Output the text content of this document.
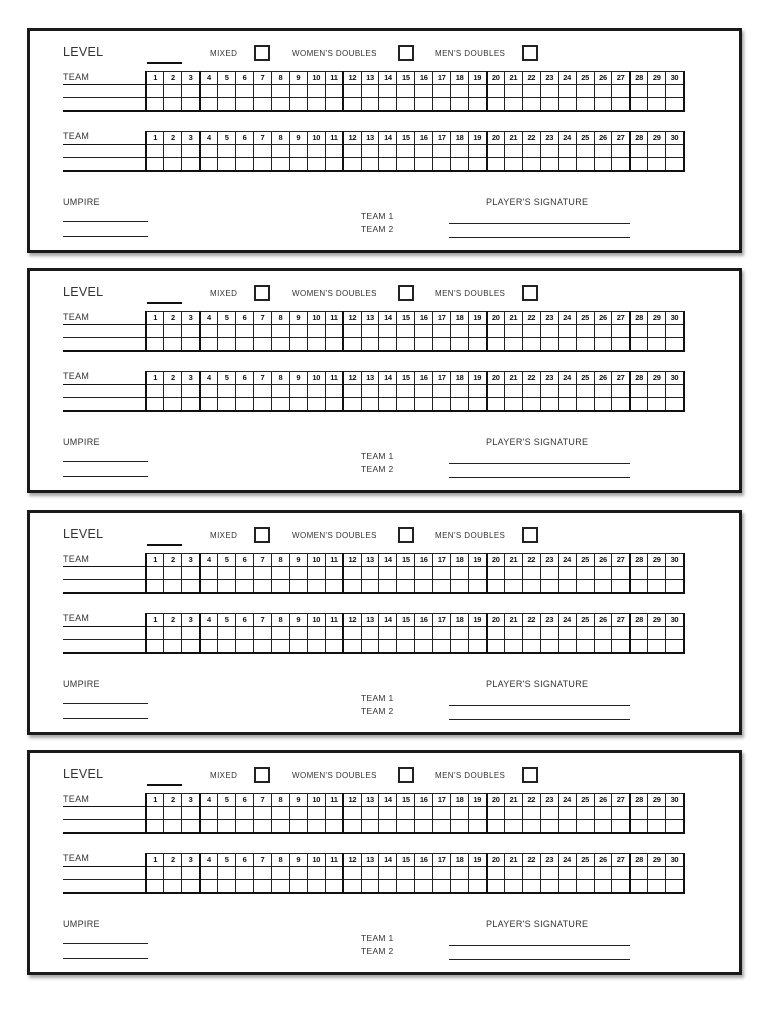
LEVEL	MIXED	WOMEN'S DOUBLES	MEN'S DOUBLES
TEAM
		1	2	3	4	5	6	7	8	9	10	11	12	13	14	15	16	17	18	19	20	21	22	23	24	25	26	27	28	29	30

TEAM
		1	2	3	4	5	6	7	8	9	10	11	12	13	14	15	16	17	18	19	20	21	22	23	24	25	26	27	28	29	30

UMPIRE	PLAYER'S SIGNATURE
TEAM 1
TEAM 2
LEVEL	MIXED	WOMEN'S DOUBLES	MEN'S DOUBLES
TEAM
		1	2	3	4	5	6	7	8	9	10	11	12	13	14	15	16	17	18	19	20	21	22	23	24	25	26	27	28	29	30

TEAM
		1	2	3	4	5	6	7	8	9	10	11	12	13	14	15	16	17	18	19	20	21	22	23	24	25	26	27	28	29	30

UMPIRE	PLAYER'S SIGNATURE
TEAM 1
TEAM 2
LEVEL	MIXED	WOMEN'S DOUBLES	MEN'S DOUBLES
TEAM
		1	2	3	4	5	6	7	8	9	10	11	12	13	14	15	16	17	18	19	20	21	22	23	24	25	26	27	28	29	30

TEAM
		1	2	3	4	5	6	7	8	9	10	11	12	13	14	15	16	17	18	19	20	21	22	23	24	25	26	27	28	29	30

UMPIRE	PLAYER'S SIGNATURE
TEAM 1
TEAM 2
LEVEL	MIXED	WOMEN'S DOUBLES	MEN'S DOUBLES
TEAM
		1	2	3	4	5	6	7	8	9	10	11	12	13	14	15	16	17	18	19	20	21	22	23	24	25	26	27	28	29	30

TEAM
		1	2	3	4	5	6	7	8	9	10	11	12	13	14	15	16	17	18	19	20	21	22	23	24	25	26	27	28	29	30

UMPIRE	PLAYER'S SIGNATURE
TEAM 1
TEAM 2
